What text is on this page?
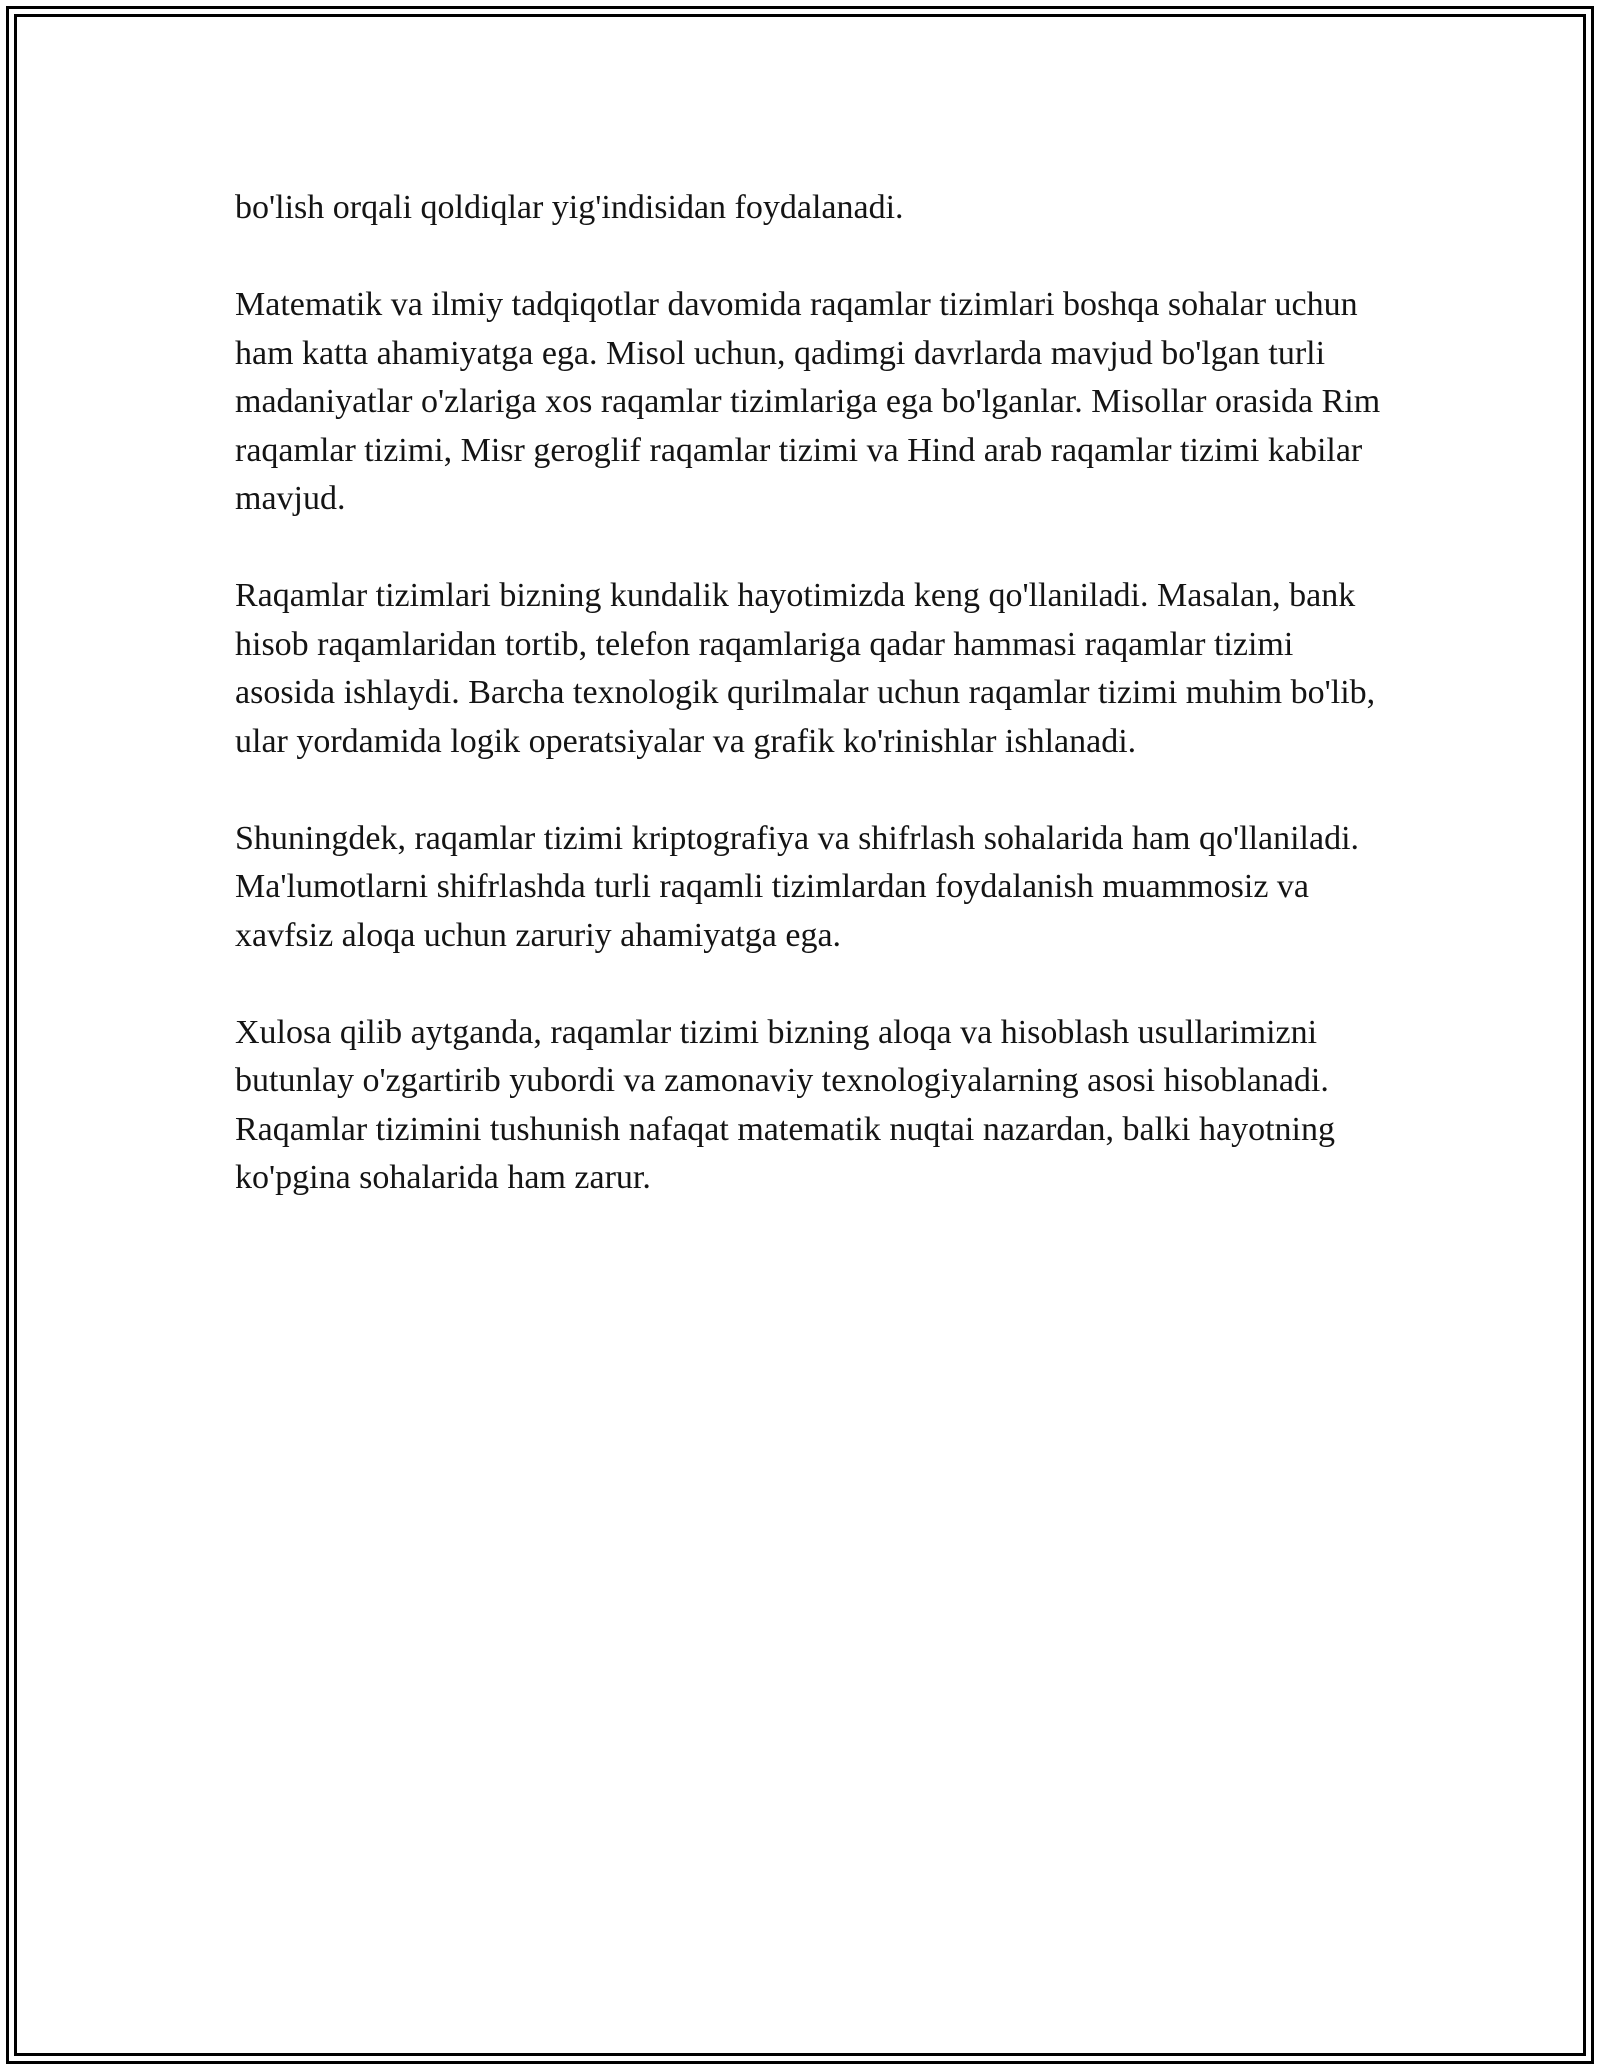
bo'lish orqali qoldiqlar yig'indisidan foydalanadi.

Matematik va ilmiy tadqiqotlar davomida raqamlar tizimlari boshqa sohalar uchun ham katta ahamiyatga ega. Misol uchun, qadimgi davrlarda mavjud bo'lgan turli madaniyatlar o'zlariga xos raqamlar tizimlariga ega bo'lganlar. Misollar orasida Rim raqamlar tizimi, Misr geroglif raqamlar tizimi va Hind arab raqamlar tizimi kabilar mavjud.

Raqamlar tizimlari bizning kundalik hayotimizda keng qo'llaniladi. Masalan, bank hisob raqamlaridan tortib, telefon raqamlariga qadar hammasi raqamlar tizimi asosida ishlaydi. Barcha texnologik qurilmalar uchun raqamlar tizimi muhim bo'lib, ular yordamida logik operatsiyalar va grafik ko'rinishlar ishlanadi.

Shuningdek, raqamlar tizimi kriptografiya va shifrlash sohalarida ham qo'llaniladi. Ma'lumotlarni shifrlashda turli raqamli tizimlardan foydalanish muammosiz va xavfsiz aloqa uchun zaruriy ahamiyatga ega.

Xulosa qilib aytganda, raqamlar tizimi bizning aloqa va hisoblash usullarimizni butunlay o'zgartirib yubordi va zamonaviy texnologiyalarning asosi hisoblanadi. Raqamlar tizimini tushunish nafaqat matematik nuqtai nazardan, balki hayotning ko'pgina sohalarida ham zarur.
